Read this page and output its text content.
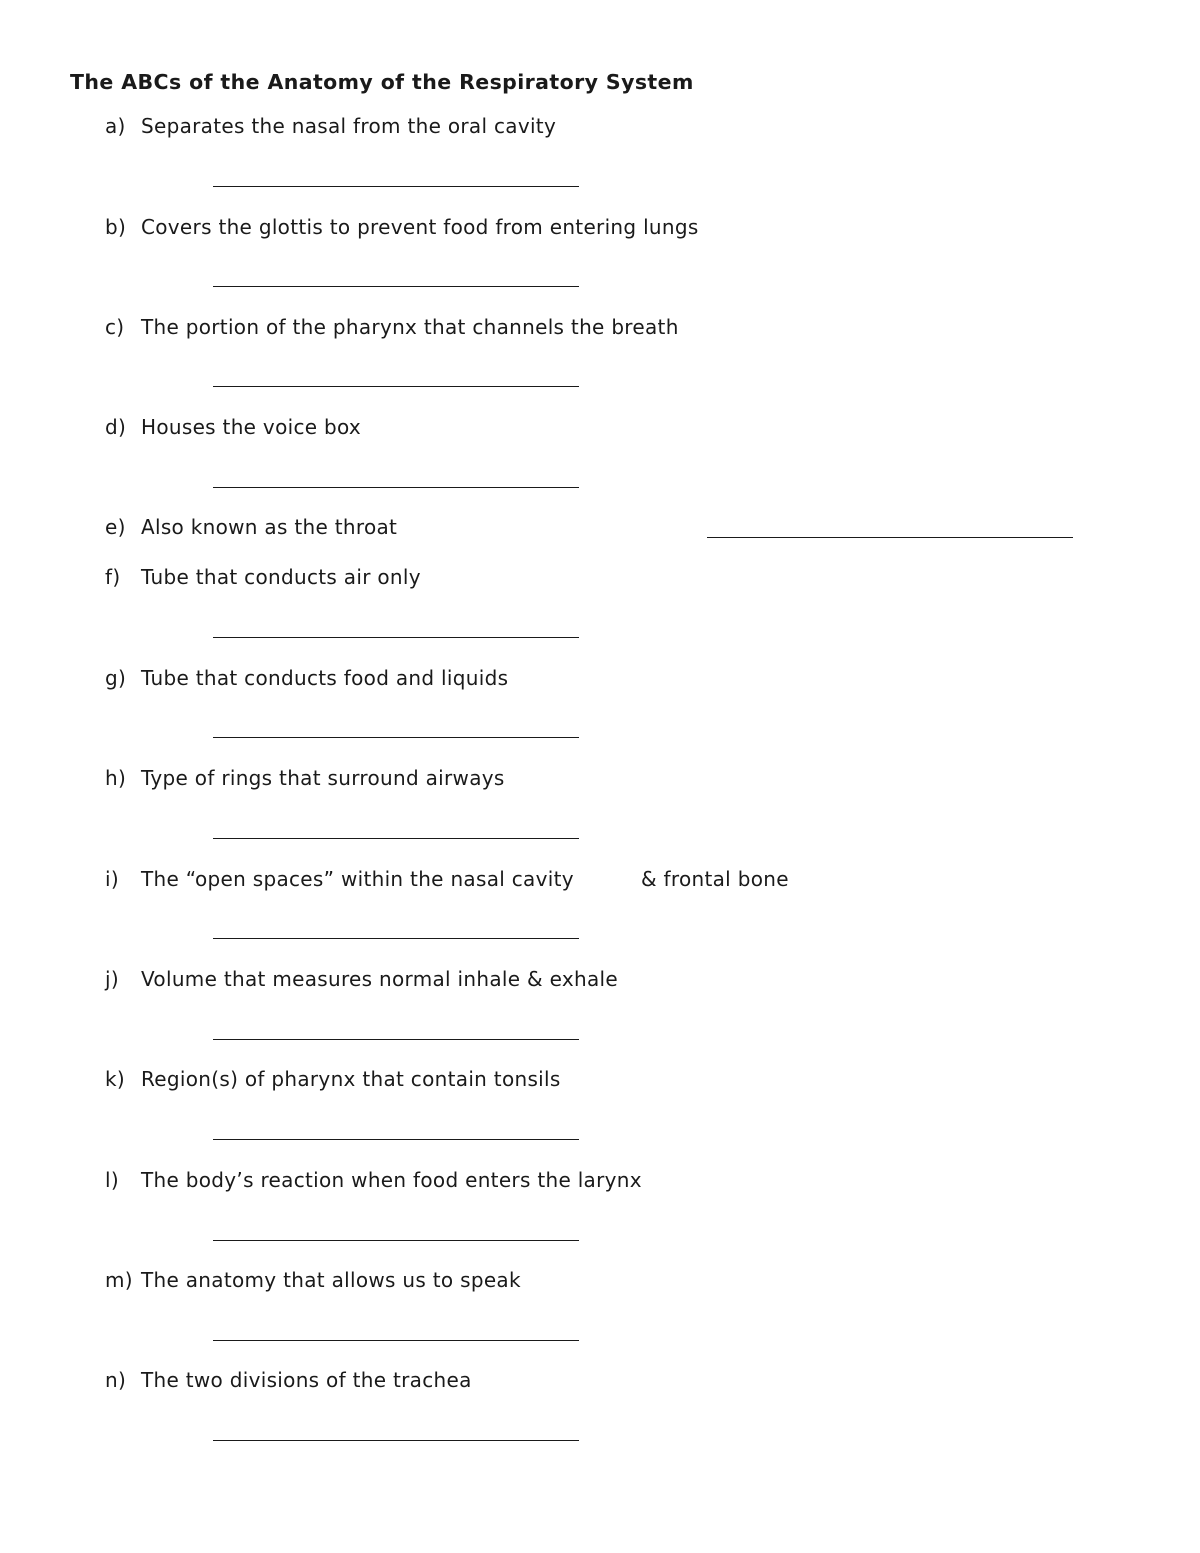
The ABCs of the Anatomy of the Respiratory System
a) Separates the nasal from the oral cavity
b) Covers the glottis to prevent food from entering lungs
c) The portion of the pharynx that channels the breath
d) Houses the voice box
e) Also known as the throat
f) Tube that conducts air only
g) Tube that conducts food and liquids
h) Type of rings that surround airways
i) The “open spaces” within the nasal cavity	& frontal bone
j) Volume that measures normal inhale & exhale
k) Region(s) of pharynx that contain tonsils
l) The body’s reaction when food enters the larynx
m) The anatomy that allows us to speak
n) The two divisions of the trachea
